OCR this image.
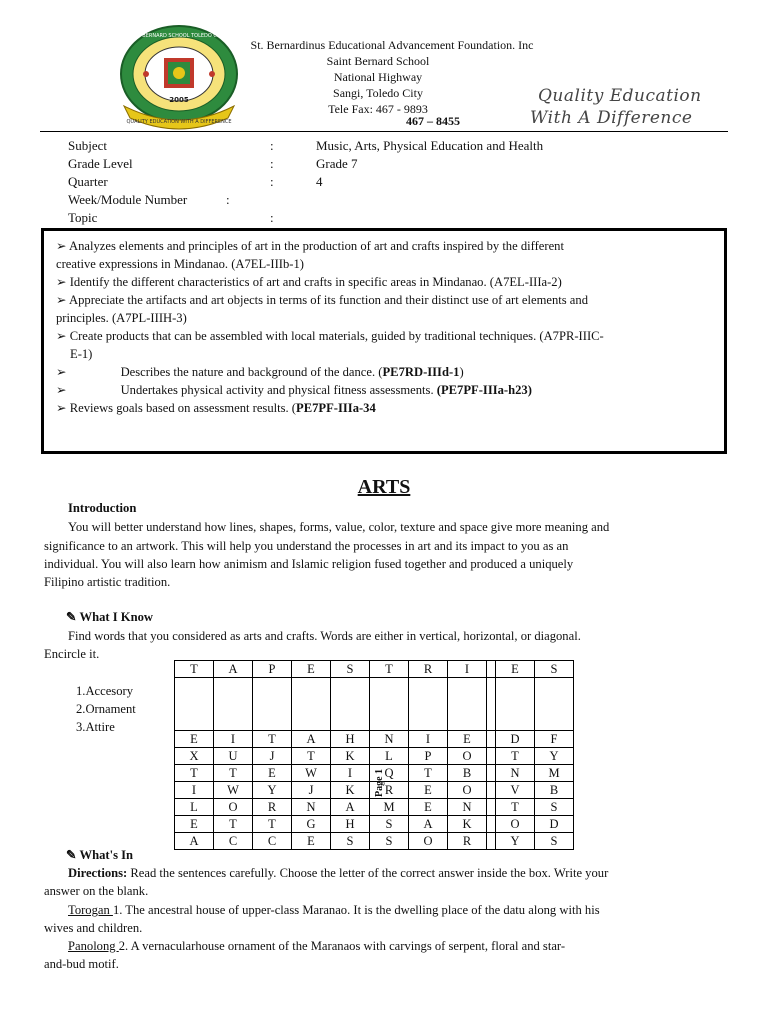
QUALITY EDUCATION WITH A DIFFERENCE
2005
ST. BERNARD SCHOOL TOLEDO CITY
St. Bernardinus Educational Advancement Foundation. Inc
Saint Bernard School
National Highway
Sangi, Toledo City
Tele Fax: 467 - 9893
467 – 8455
Quality Education
With A Difference
Subject	:	Music, Arts, Physical Education and Health
Grade Level	:	Grade 7
Quarter	:	4
Week/Module Number	:
Topic	:
➢ Analyzes elements and principles of art in the production of art and crafts inspired by the different
creative expressions in Mindanao. (A7EL-IIIb-1)
➢ Identify the different characteristics of art and crafts in specific areas in Mindanao. (A7EL-IIIa-2)
➢ Appreciate the artifacts and art objects in terms of its function and their distinct use of art elements and
principles. (A7PL-IIIH-3)
➢ Create products that can be assembled with local materials, guided by traditional techniques. (A7PR-IIIC-
E-1)
➢	Describes the nature and background of the dance. (PE7RD-IIId-1)
➢	Undertakes physical activity and physical fitness assessments. (PE7PF-IIIa-h23)
➢ Reviews goals based on assessment results. (PE7PF-IIIa-34
ARTS
Introduction
You will better understand how lines, shapes, forms, value, color, texture and space give more meaning and
significance to an artwork. This will help you understand the processes in art and its impact to you as an
individual. You will also learn how animism and Islamic religion fused together and produced a uniquely
Filipino artistic tradition.
✎ What I Know
Find words that you considered as arts and crafts. Words are either in vertical, horizontal, or diagonal.
Encircle it.
1.Accesory
2.Ornament
3.Attire
T	A	P	E	S	T	R	I		E	S

E	I	T	A	H	N	I	E		D	F
X	U	J	T	K	L	P	O		T	Y
T	T	E	W	I	Q	T	B		N	M
I	W	Y	J	K	R	E	O		V	B
L	O	R	N	A	M	E	N		T	S
E	T	T	G	H	S	A	K		O	D
A	C	C	E	S	S	O	R		Y	S
Page 1
✎ What's In
Directions: Read the sentences carefully. Choose the letter of the correct answer inside the box. Write your
answer on the blank.
Torogan 1. The ancestral house of upper-class Maranao. It is the dwelling place of the datu along with his
wives and children.
Panolong 2. A vernacularhouse ornament of the Maranaos with carvings of serpent, floral and star-
and-bud motif.
